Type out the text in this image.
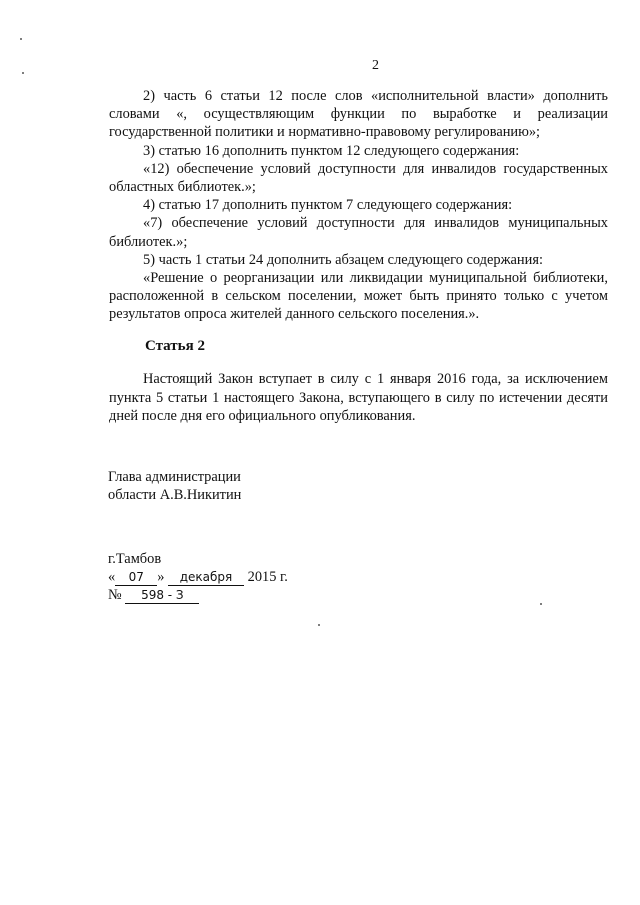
2

2) часть 6 статьи 12 после слов «исполнительной власти» дополнить словами «, осуществляющим функции по выработке и реализации государственной политики и нормативно-правовому регулированию»;

3) статью 16 дополнить пунктом 12 следующего содержания:

«12) обеспечение условий доступности для инвалидов государственных областных библиотек.»;

4) статью 17 дополнить пунктом 7 следующего содержания:

«7) обеспечение условий доступности для инвалидов муниципальных библиотек.»;

5) часть 1 статьи 24 дополнить абзацем следующего содержания:

«Решение о реорганизации или ликвидации муниципальной библиотеки, расположенной в сельском поселении, может быть принято только с учетом результатов опроса жителей данного сельского поселения.».

Статья 2

Настоящий Закон вступает в силу с 1 января 2016 года, за исключением пункта 5 статьи 1 настоящего Закона, вступающего в силу по истечении десяти дней после дня его официального опубликования.

Глава администрации
области А.В.Никитин
г.Тамбов
« 07 » декабря 2015 г.
№ 598 - З
